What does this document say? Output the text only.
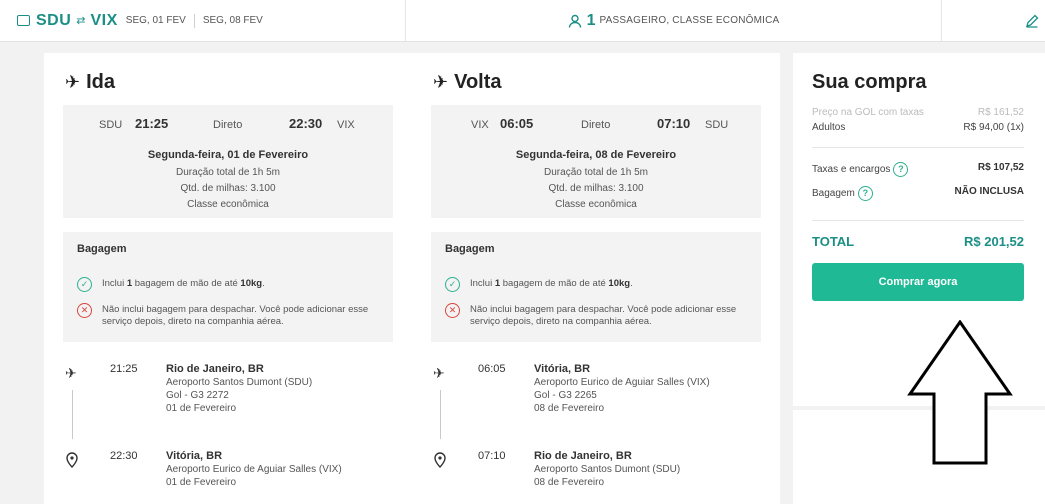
SDU ⇄ VIX SEG, 01 FEV SEG, 08 FEV	1 PASSAGEIRO, CLASSE ECONÔMICA
✈ Ida
SDU 21:25	Direto	22:30 VIX
Segunda-feira, 01 de Fevereiro
Duração total de 1h 5m
Qtd. de milhas: 3.100
Classe econômica
Bagagem
✓	Inclui 1 bagagem de mão de até 10kg.
✕	Não inclui bagagem para despachar. Você pode adicionar esse serviço depois, direto na companhia aérea.
✈	21:25	Rio de Janeiro, BR
Aeroporto Santos Dumont (SDU)
Gol - G3 2272
01 de Fevereiro
22:30	Vitória, BR
Aeroporto Eurico de Aguiar Salles (VIX)
01 de Fevereiro
✈ Volta
VIX 06:05	Direto	07:10 SDU
Segunda-feira, 08 de Fevereiro
Duração total de 1h 5m
Qtd. de milhas: 3.100
Classe econômica
Bagagem
✓	Inclui 1 bagagem de mão de até 10kg.
✕	Não inclui bagagem para despachar. Você pode adicionar esse serviço depois, direto na companhia aérea.
✈	06:05	Vitória, BR
Aeroporto Eurico de Aguiar Salles (VIX)
Gol - G3 2265
08 de Fevereiro
07:10	Rio de Janeiro, BR
Aeroporto Santos Dumont (SDU)
08 de Fevereiro
Sua compra
Preço na GOL com taxas	R$ 161,52
Adultos	R$ 94,00 (1x)
Taxas e encargos ?	R$ 107,52
Bagagem ?	NÃO INCLUSA
TOTAL	R$ 201,52
Comprar agora
